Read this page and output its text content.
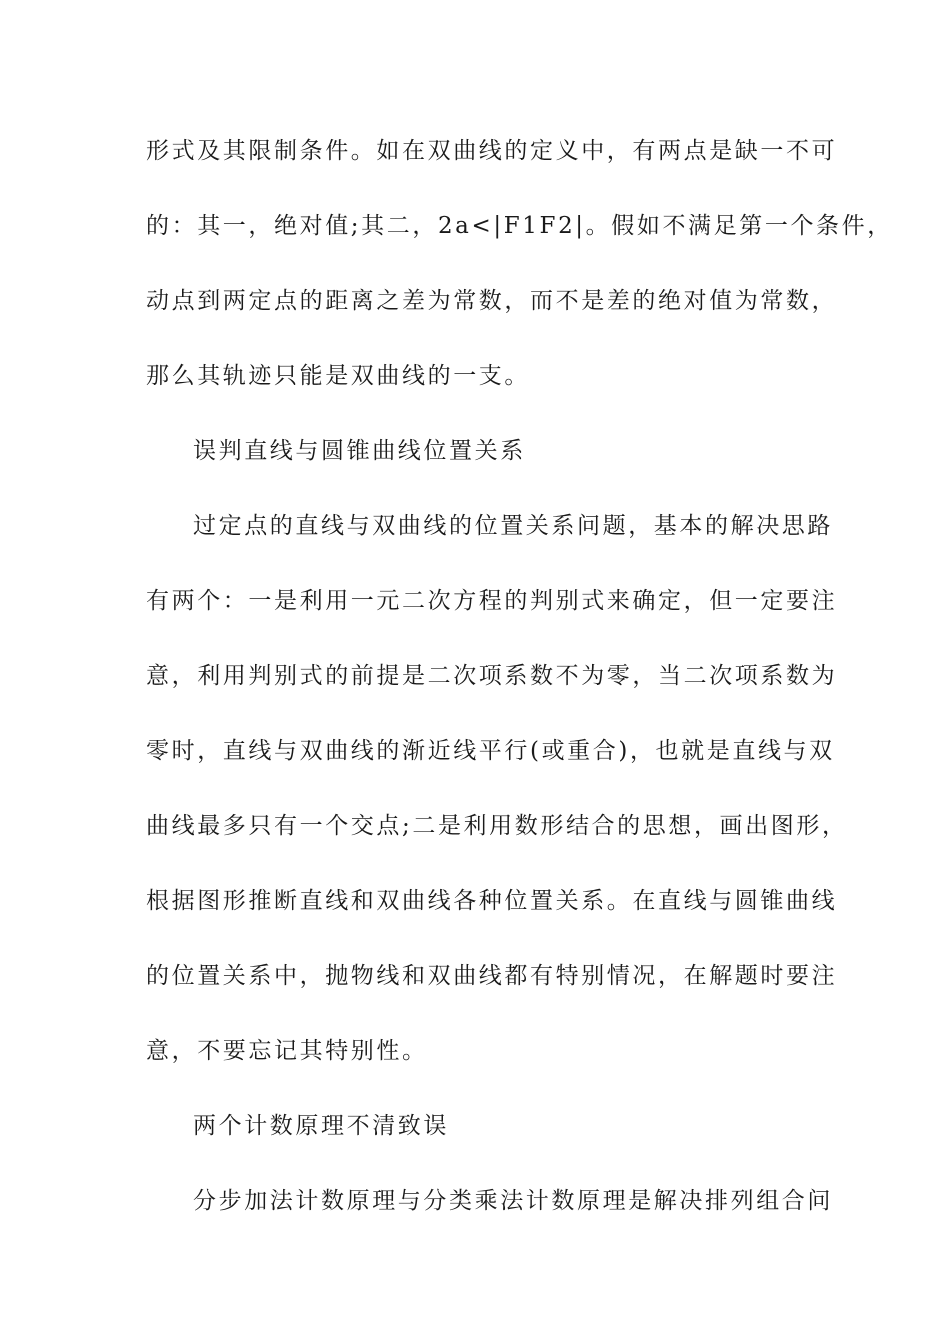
形式及其限制条件。如在双曲线的定义中，有两点是缺一不可
的：其一，绝对值;其二，2a<|F1F2|。假如不满足第一个条件，
动点到两定点的距离之差为常数，而不是差的绝对值为常数，
那么其轨迹只能是双曲线的一支。
误判直线与圆锥曲线位置关系
过定点的直线与双曲线的位置关系问题，基本的解决思路
有两个：一是利用一元二次方程的判别式来确定，但一定要注
意，利用判别式的前提是二次项系数不为零，当二次项系数为
零时，直线与双曲线的渐近线平行(或重合)，也就是直线与双
曲线最多只有一个交点;二是利用数形结合的思想，画出图形，
根据图形推断直线和双曲线各种位置关系。在直线与圆锥曲线
的位置关系中，抛物线和双曲线都有特别情况，在解题时要注
意，不要忘记其特别性。
两个计数原理不清致误
分步加法计数原理与分类乘法计数原理是解决排列组合问
